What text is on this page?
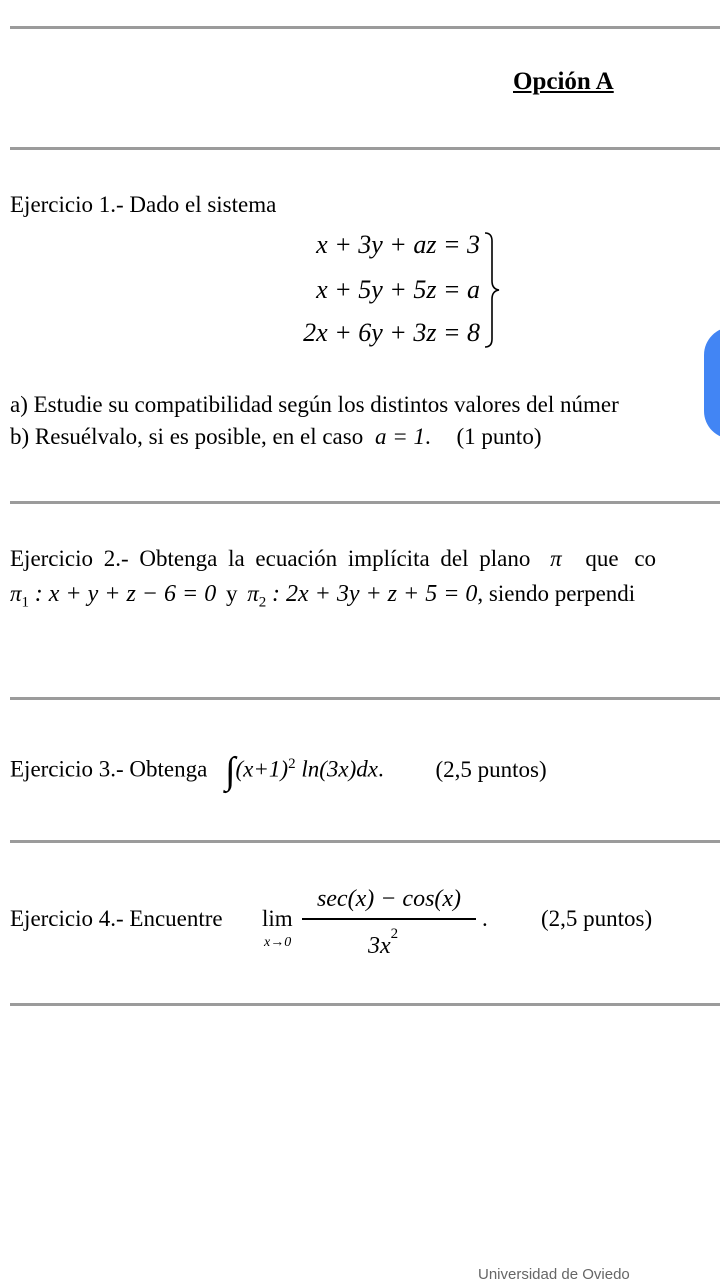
Opción A
Ejercicio 1.- Dado el sistema
x + 3y + az = 3
x + 5y + 5z = a
2x + 6y + 3z = 8
a) Estudie su compatibilidad según los distintos valores del númer
b) Resuélvalo, si es posible, en el caso a = 1. (1 punto)
Ejercicio 2.- Obtenga la ecuación implícita del plano π que co
$\pi_1$ : x + y + z − 6 = 0 y $\pi_2$ : 2x + 3y + z + 5 = 0, siendo perpendi
Ejercicio 3.- Obtenga $\int(x+1)^2$ ln(3x)dx. (2,5 puntos)
Ejercicio 4.- Encuentre lim
x→0
sec(x) − cos(x)
$3x^2$
. (2,5 puntos)
Universidad de Oviedo
